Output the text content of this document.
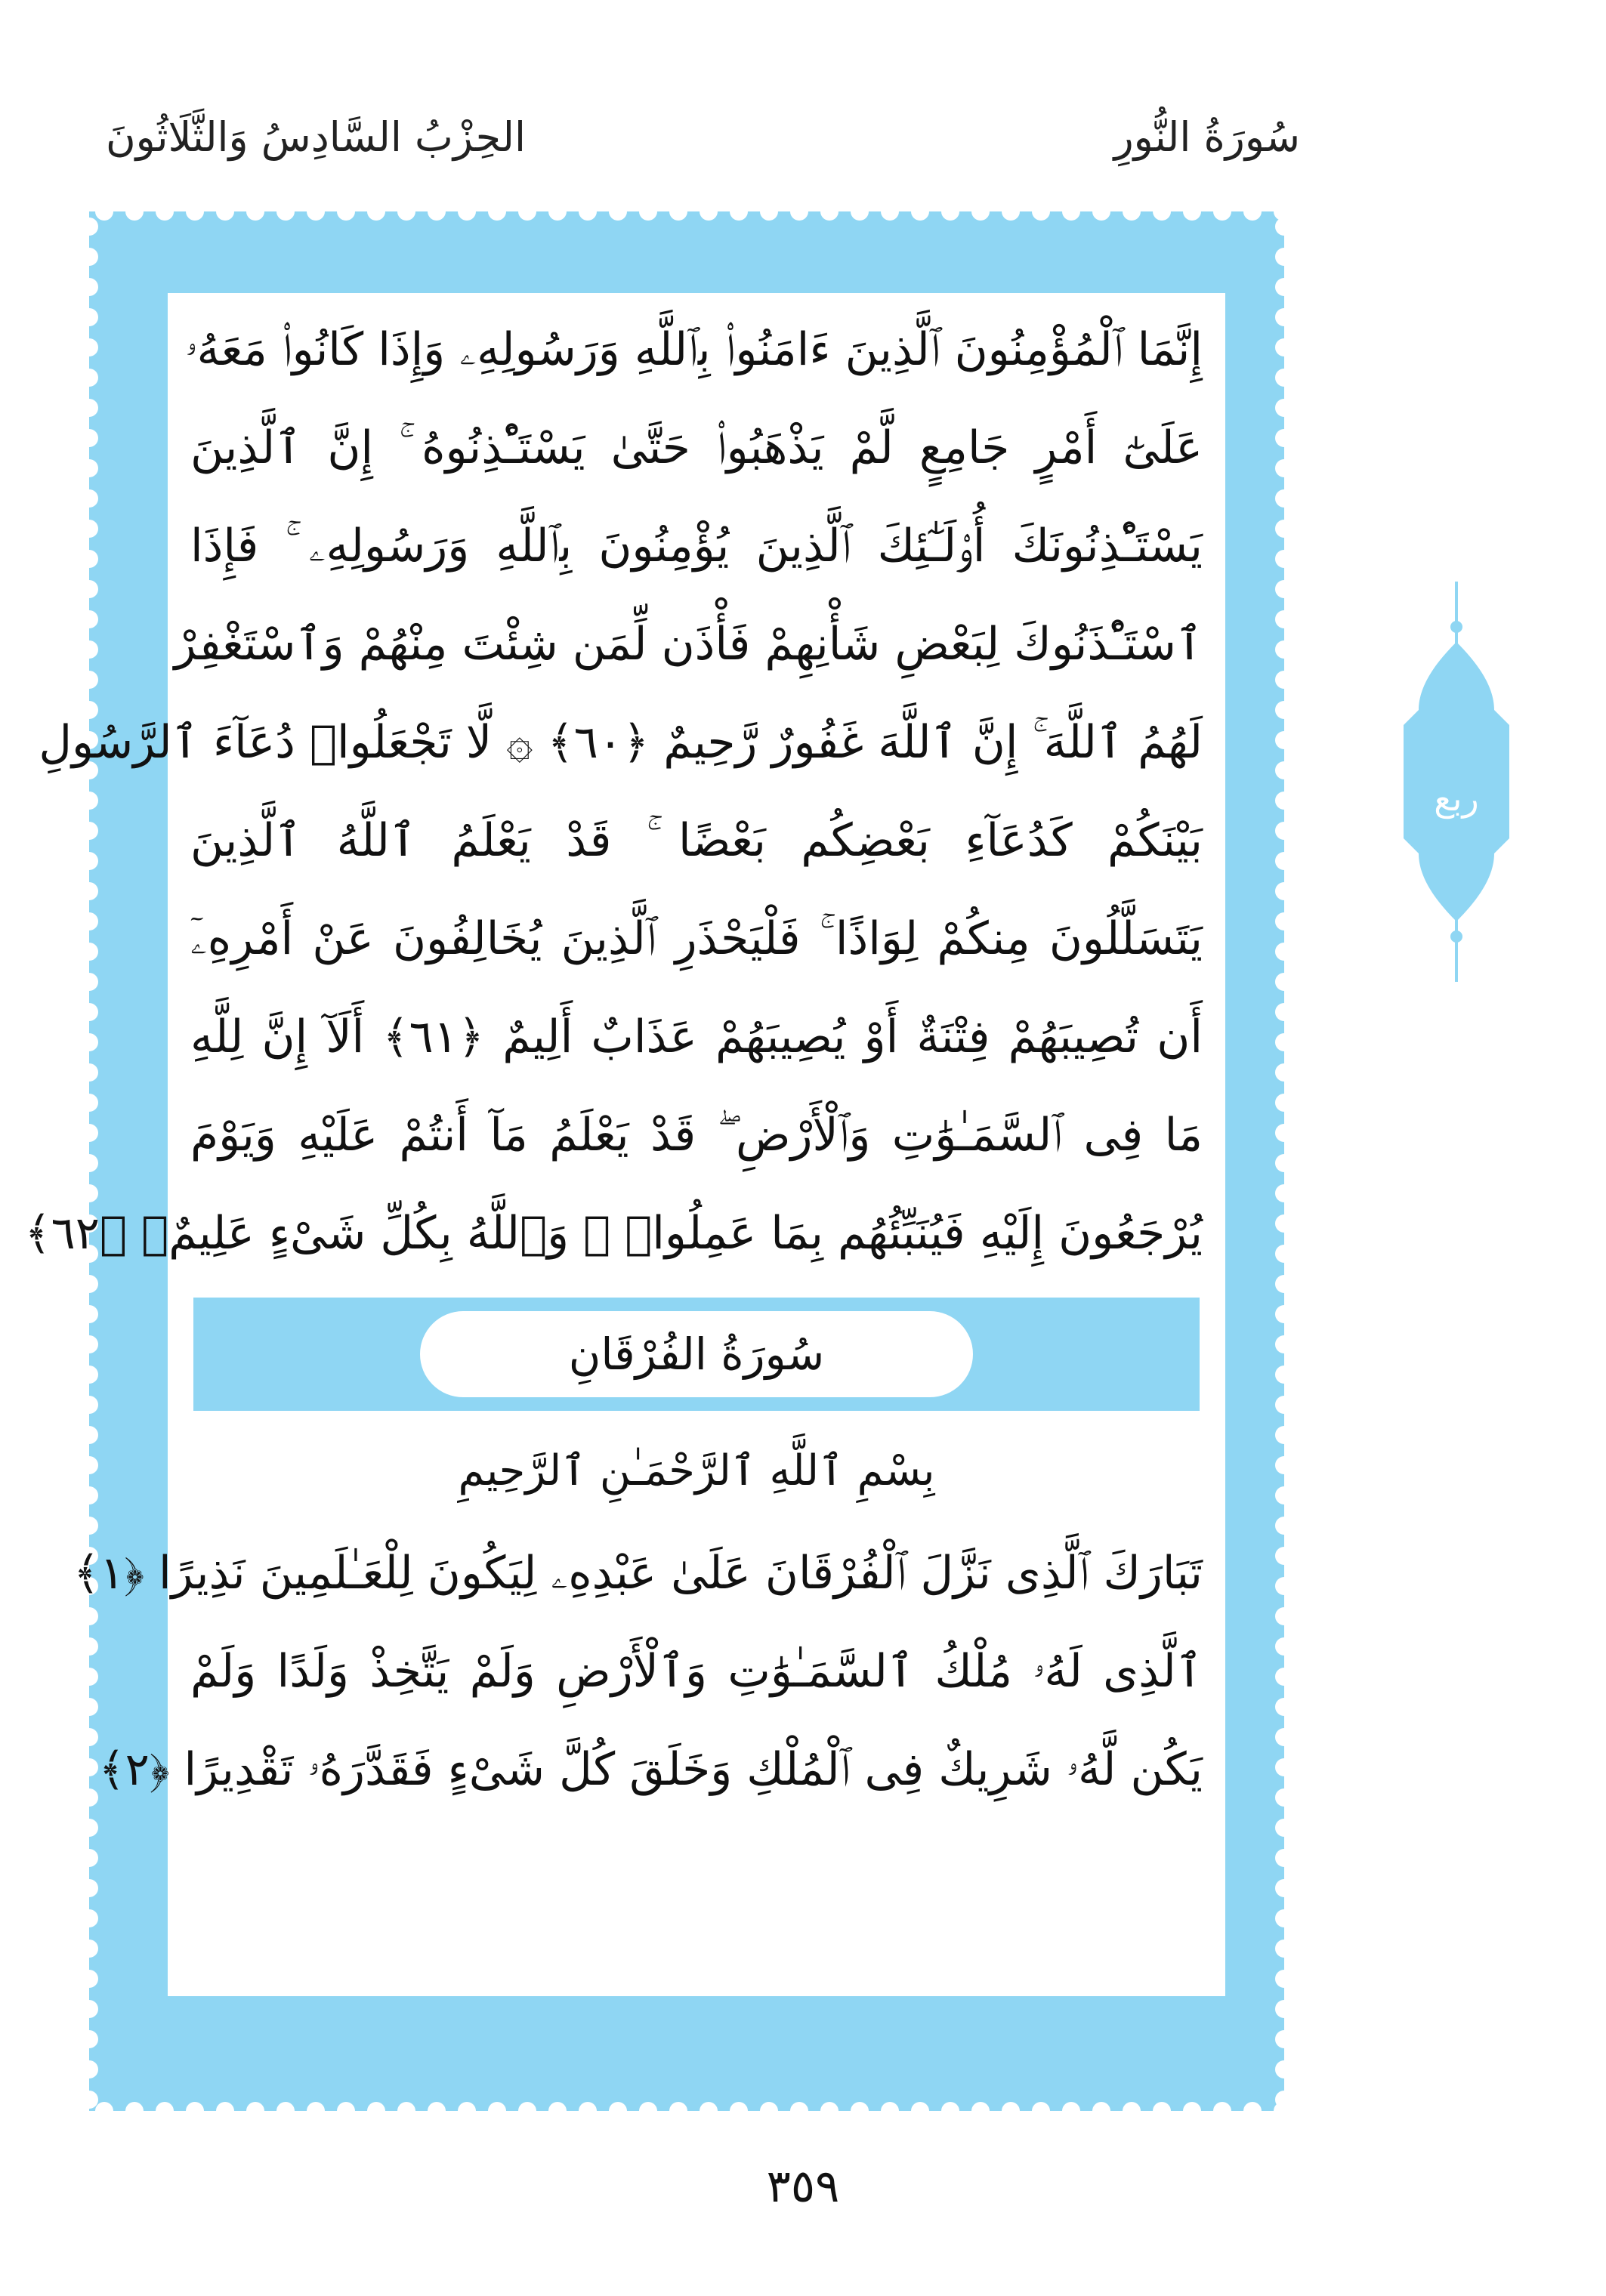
سُورَةُ النُّورِ
الحِزْبُ السَّادِسُ وَالثَّلَاثُونَ
إِنَّمَا ٱلْمُؤْمِنُونَ ٱلَّذِينَ ءَامَنُوا۟ بِٱللَّهِ وَرَسُولِهِۦ وَإِذَا كَانُوا۟ مَعَهُۥ
عَلَىٰٓ أَمْرٍ جَامِعٍ لَّمْ يَذْهَبُوا۟ حَتَّىٰ يَسْتَـْٔذِنُوهُ ۚ إِنَّ ٱلَّذِينَ
يَسْتَـْٔذِنُونَكَ أُو۟لَـٰٓئِكَ ٱلَّذِينَ يُؤْمِنُونَ بِٱللَّهِ وَرَسُولِهِۦ ۚ فَإِذَا
ٱسْتَـْٔذَنُوكَ لِبَعْضِ شَأْنِهِمْ فَأْذَن لِّمَن شِئْتَ مِنْهُمْ وَٱسْتَغْفِرْ
لَهُمُ ٱللَّهَ ۚ إِنَّ ٱللَّهَ غَفُورٌ رَّحِيمٌ ﴿٦٠﴾ ۞ لَّا تَجْعَلُوا۟ دُعَآءَ ٱلرَّسُولِ
بَيْنَكُمْ كَدُعَآءِ بَعْضِكُم بَعْضًا ۚ قَدْ يَعْلَمُ ٱللَّهُ ٱلَّذِينَ
يَتَسَلَّلُونَ مِنكُمْ لِوَاذًا ۚ فَلْيَحْذَرِ ٱلَّذِينَ يُخَالِفُونَ عَنْ أَمْرِهِۦٓ
أَن تُصِيبَهُمْ فِتْنَةٌ أَوْ يُصِيبَهُمْ عَذَابٌ أَلِيمٌ ﴿٦١﴾ أَلَآ إِنَّ لِلَّهِ
مَا فِى ٱلسَّمَـٰوَٰتِ وَٱلْأَرْضِ ۖ قَدْ يَعْلَمُ مَآ أَنتُمْ عَلَيْهِ وَيَوْمَ
يُرْجَعُونَ إِلَيْهِ فَيُنَبِّئُهُم بِمَا عَمِلُوا۟ ۗ وَٱللَّهُ بِكُلِّ شَىْءٍ عَلِيمٌۢ ﴿٦٢﴾
سُورَةُ الفُرْقَانِ
بِسْمِ ٱللَّهِ ٱلرَّحْمَـٰنِ ٱلرَّحِيمِ
تَبَارَكَ ٱلَّذِى نَزَّلَ ٱلْفُرْقَانَ عَلَىٰ عَبْدِهِۦ لِيَكُونَ لِلْعَـٰلَمِينَ نَذِيرًا ﴿١﴾
ٱلَّذِى لَهُۥ مُلْكُ ٱلسَّمَـٰوَٰتِ وَٱلْأَرْضِ وَلَمْ يَتَّخِذْ وَلَدًا وَلَمْ
يَكُن لَّهُۥ شَرِيكٌ فِى ٱلْمُلْكِ وَخَلَقَ كُلَّ شَىْءٍ فَقَدَّرَهُۥ تَقْدِيرًا ﴿٢﴾
ربع
٣٥٩
